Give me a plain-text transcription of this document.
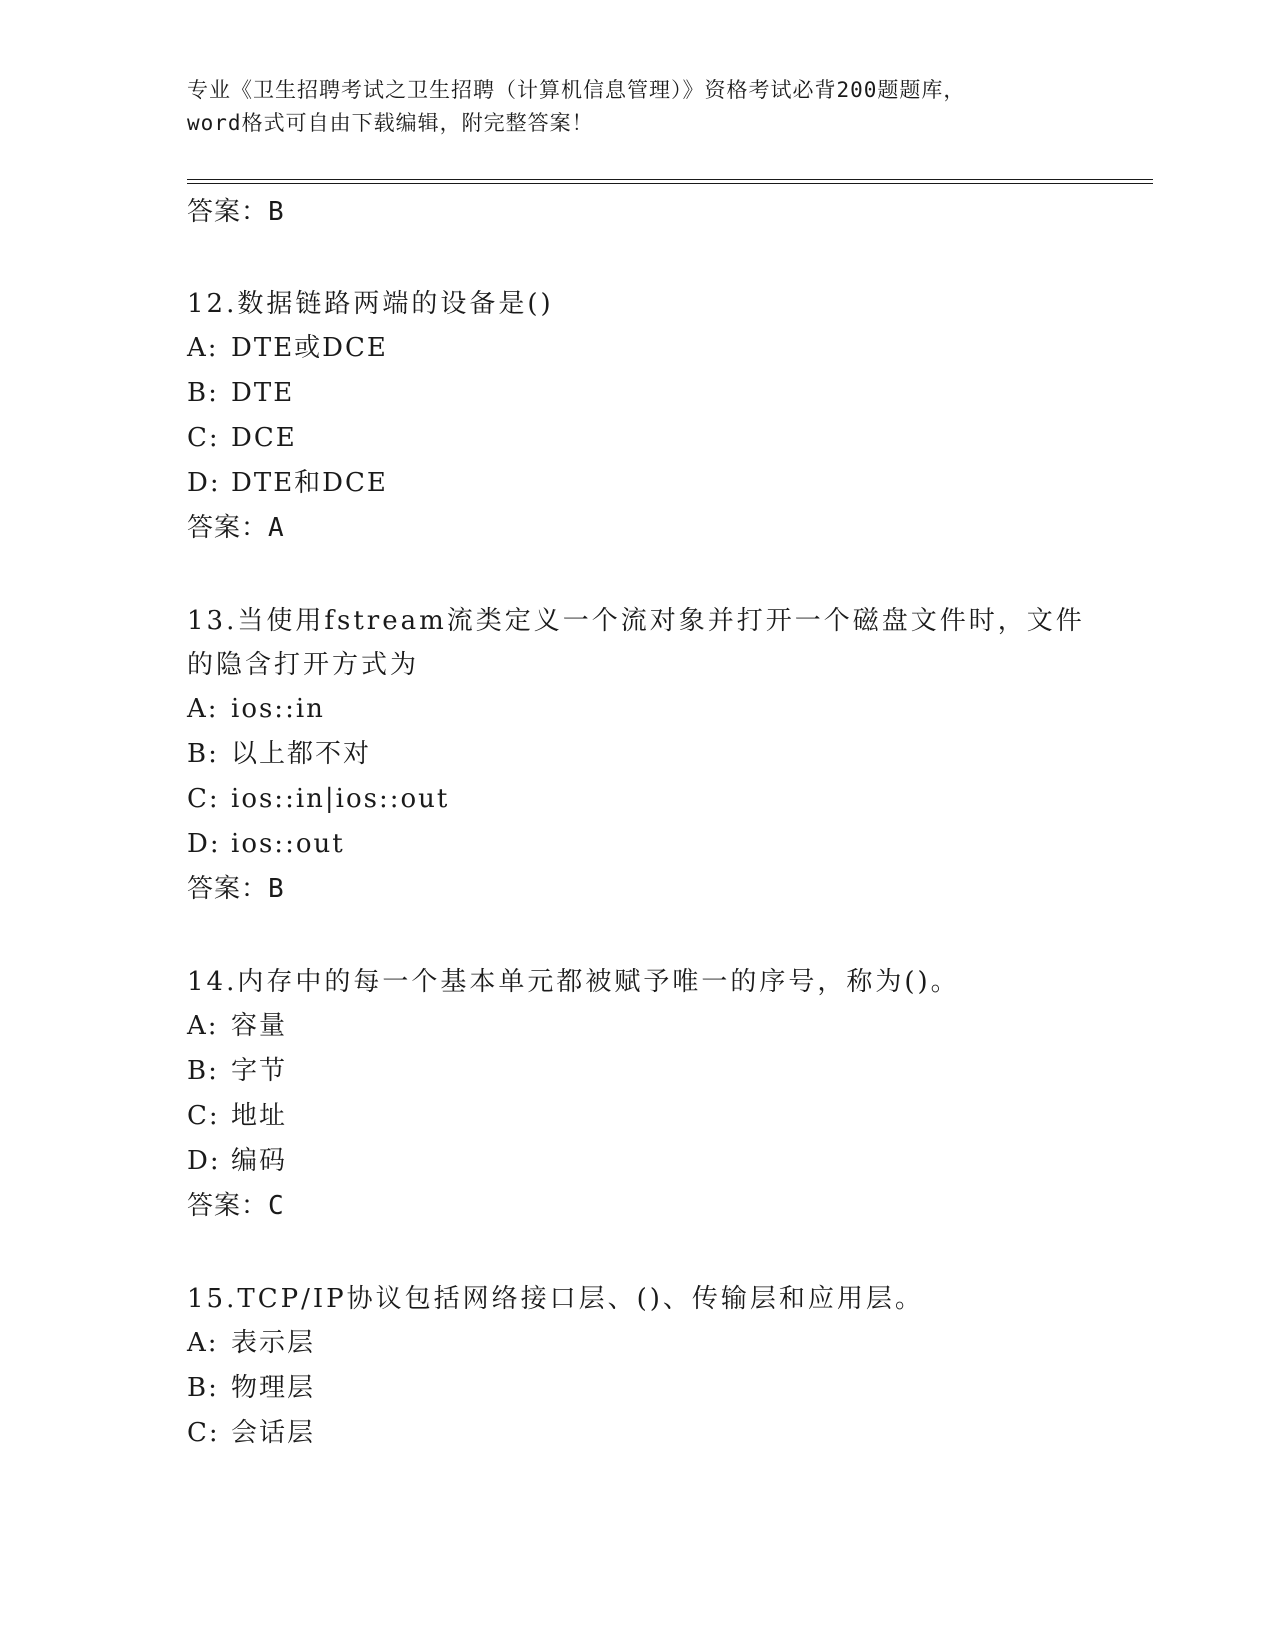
专业《卫生招聘考试之卫生招聘（计算机信息管理）》资格考试必背200题题库，
word格式可自由下载编辑，附完整答案！
答案：B
12.数据链路两端的设备是()
A: DTE或DCE
B: DTE
C: DCE
D: DTE和DCE
答案：A
13.当使用fstream流类定义一个流对象并打开一个磁盘文件时，文件
的隐含打开方式为
A: ios::in
B: 以上都不对
C: ios::in|ios::out
D: ios::out
答案：B
14.内存中的每一个基本单元都被赋予唯一的序号，称为()。
A: 容量
B: 字节
C: 地址
D: 编码
答案：C
15.TCP/IP协议包括网络接口层、()、传输层和应用层。
A: 表示层
B: 物理层
C: 会话层
